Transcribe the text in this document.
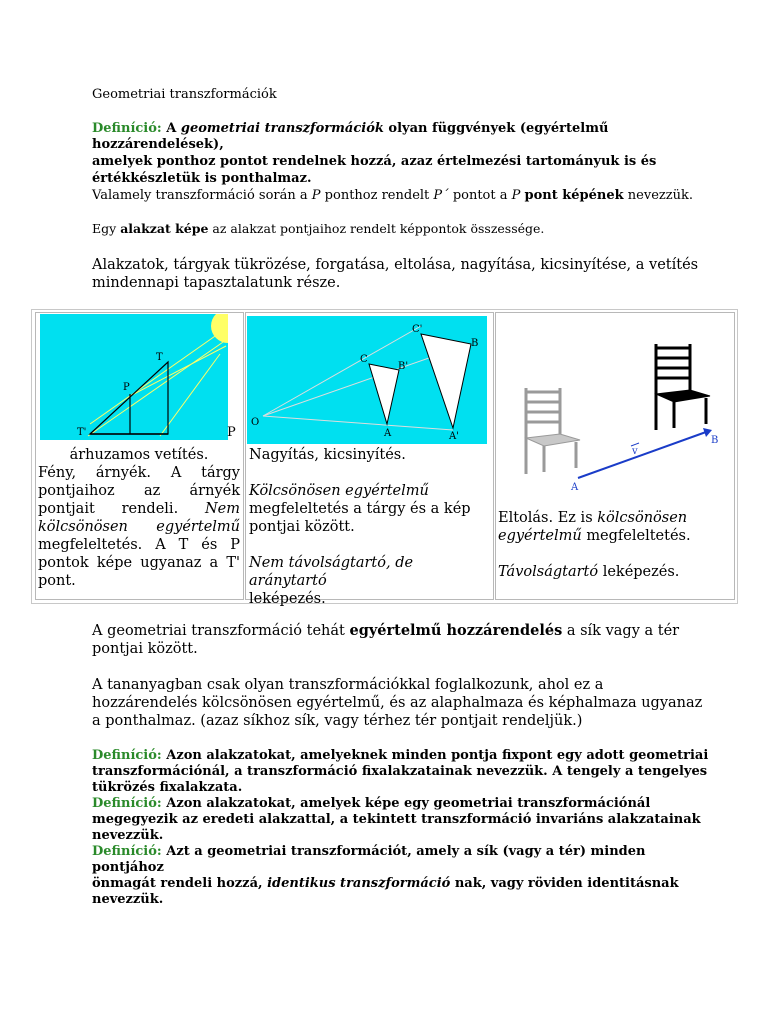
Geometriai transzformációk
Definíció: A geometriai transzformációk olyan függvények (egyértelmű hozzárendelések),
amelyek ponthoz pontot rendelnek hozzá, azaz értelmezési tartományuk is és
értékkészletük is ponthalmaz.
Valamely transzformáció során a P ponthoz rendelt P´ pontot a P pont képének nevezzük.
Egy alakzat képe az alakzat pontjaihoz rendelt képpontok összessége.
Alakzatok, tárgyak tükrözése, forgatása, eltolása, nagyítása, kicsinyítése, a vetítés
mindennapi tapasztalatunk része.
T
P
T'	P
árhuzamos vetítés.
Fény, árnyék. A tárgy
pontjaihoz az árnyék
pontjait rendeli. Nem
kölcsönösen egyértelmű
megfeleltetés. A T és P
pontok képe ugyanaz a T'
pont.
O
C
B'
A
C'
B
A'
Nagyítás, kicsinyítés.
Kölcsönösen egyértelmű
megfeleltetés a tárgy és a kép
pontjai között.
Nem távolságtartó, de aránytartó
leképezés.
A
B
v
Eltolás. Ez is kölcsönösen
egyértelmű megfeleltetés.
Távolságtartó leképezés.
A geometriai transzformáció tehát egyértelmű hozzárendelés a sík vagy a tér
pontjai között.
A tananyagban csak olyan transzformációkkal foglalkozunk, ahol ez a
hozzárendelés kölcsönösen egyértelmű, és az alaphalmaza és képhalmaza ugyanaz
a ponthalmaz. (azaz síkhoz sík, vagy térhez tér pontjait rendeljük.)
Definíció: Azon alakzatokat, amelyeknek minden pontja fixpont egy adott geometriai
transzformációnál, a transzformáció fixalakzatainak nevezzük. A tengely a tengelyes
tükrözés fixalakzata.
Definíció: Azon alakzatokat, amelyek képe egy geometriai transzformációnál
megegyezik az eredeti alakzattal, a tekintett transzformáció invariáns alakzatainak
nevezzük.
Definíció: Azt a geometriai transzformációt, amely a sík (vagy a tér) minden pontjához
önmagát rendeli hozzá, identikus transzformáció nak, vagy röviden identitásnak
nevezzük.
